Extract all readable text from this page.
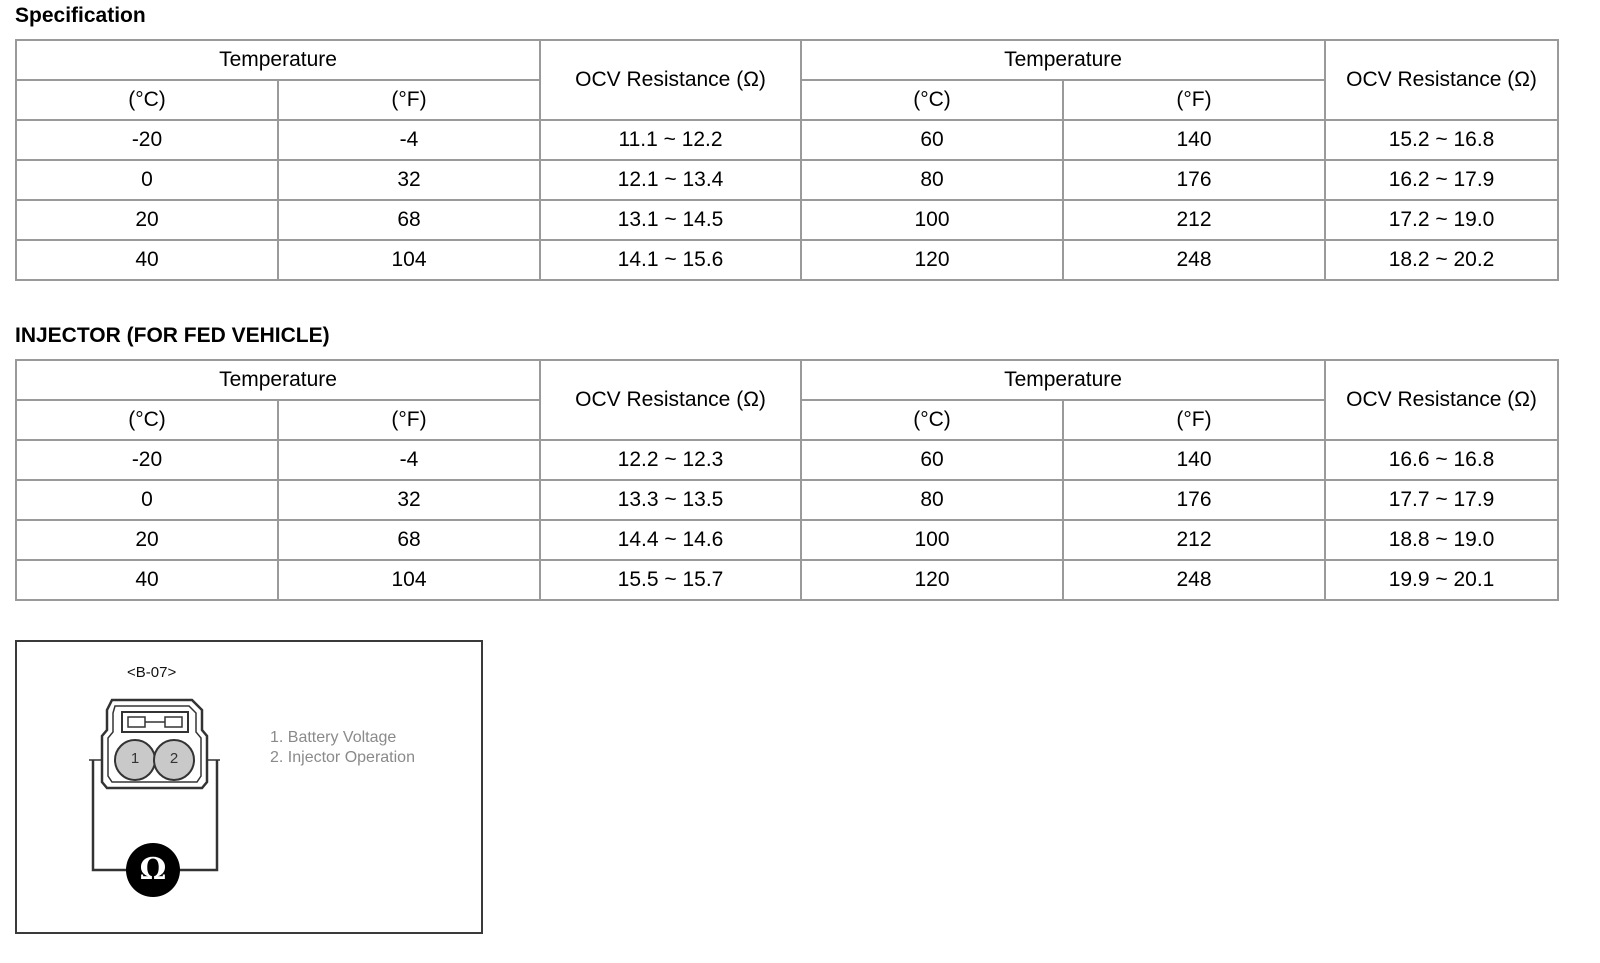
Specification
Temperature		OCV Resistance (Ω)	Temperature		OCV Resistance (Ω)
(°C)	(°F)		(°C)	(°F)	
-20	-4	11.1 ~ 12.2	60	140	15.2 ~ 16.8
0	32	12.1 ~ 13.4	80	176	16.2 ~ 17.9
20	68	13.1 ~ 14.5	100	212	17.2 ~ 19.0
40	104	14.1 ~ 15.6	120	248	18.2 ~ 20.2
INJECTOR (FOR FED VEHICLE)
Temperature		OCV Resistance (Ω)	Temperature		OCV Resistance (Ω)
(°C)	(°F)		(°C)	(°F)	
-20	-4	12.2 ~ 12.3	60	140	16.6 ~ 16.8
0	32	13.3 ~ 13.5	80	176	17.7 ~ 17.9
20	68	14.4 ~ 14.6	100	212	18.8 ~ 19.0
40	104	15.5 ~ 15.7	120	248	19.9 ~ 20.1
<B-07>
1 2
Ω
1. Battery Voltage
2. Injector Operation
